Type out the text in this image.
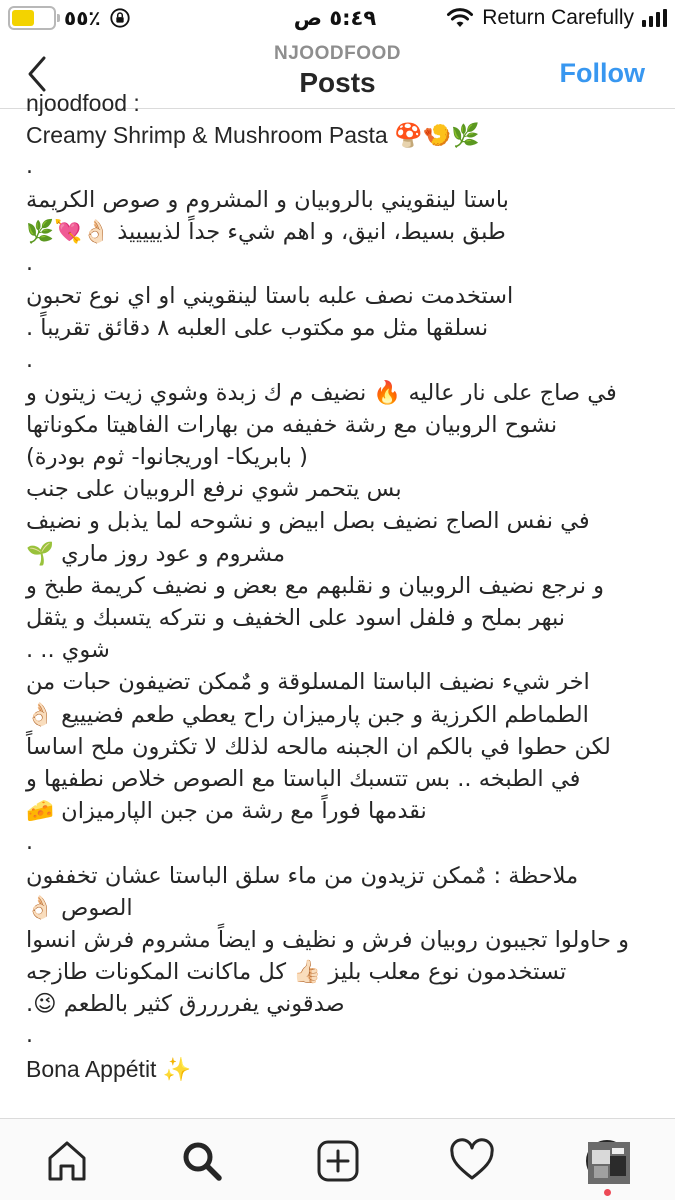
٪٥٥	٥:٤٩ ص	Return Carefully
NJOODFOOD
Posts	Follow
njoodfood :
Creamy Shrimp & Mushroom Pasta 🍄🍤🌿
.
باستا لينقويني بالروبيان و المشروم و صوص الكريمة
طبق بسيط، انيق، و اهم شيء جداً لذيييييذ 👌🏻💘🌿
.
استخدمت نصف علبه باستا لينقويني او اي نوع تحبون
نسلقها مثل مو مكتوب على العلبه ٨ دقائق تقريباً .
.
في صاج على نار عاليه 🔥 نضيف م ك زبدة وشوي زيت زيتون و
نشوح الروبيان مع رشة خفيفه من بهارات الفاهيتا مكوناتها
( بابريكا- اوريجانوا- ثوم بودرة)
بس يتحمر شوي نرفع الروبيان على جنب
في نفس الصاج نضيف بصل ابيض و نشوحه لما يذبل و نضيف
مشروم و عود روز ماري 🌱
و نرجع نضيف الروبيان و نقلبهم مع بعض و نضيف كريمة طبخ و
نبهر بملح و فلفل اسود على الخفيف و نتركه يتسبك و يثقل
شوي .. .
اخر شيء نضيف الباستا المسلوقة و مٌمكن تضيفون حبات من
الطماطم الكرزية و جبن پارميزان راح يعطي طعم فضيييع 👌🏻
لكن حطوا في بالكم ان الجبنه مالحه لذلك لا تكثرون ملح اساساً
في الطبخه .. بس تتسبك الباستا مع الصوص خلاص نطفيها و
نقدمها فوراً مع رشة من جبن الپارميزان 🧀
.
ملاحظة : مٌمكن تزيدون من ماء سلق الباستا عشان تخففون
الصوص 👌🏻
و حاولوا تجيبون روبيان فرش و نظيف و ايضاً مشروم فرش انسوا
تستخدمون نوع معلب بليز 👍🏻 كل ماكانت المكونات طازجه
صدقوني يفررررق كثير بالطعم 😉.
.
Bona Appétit ✨
